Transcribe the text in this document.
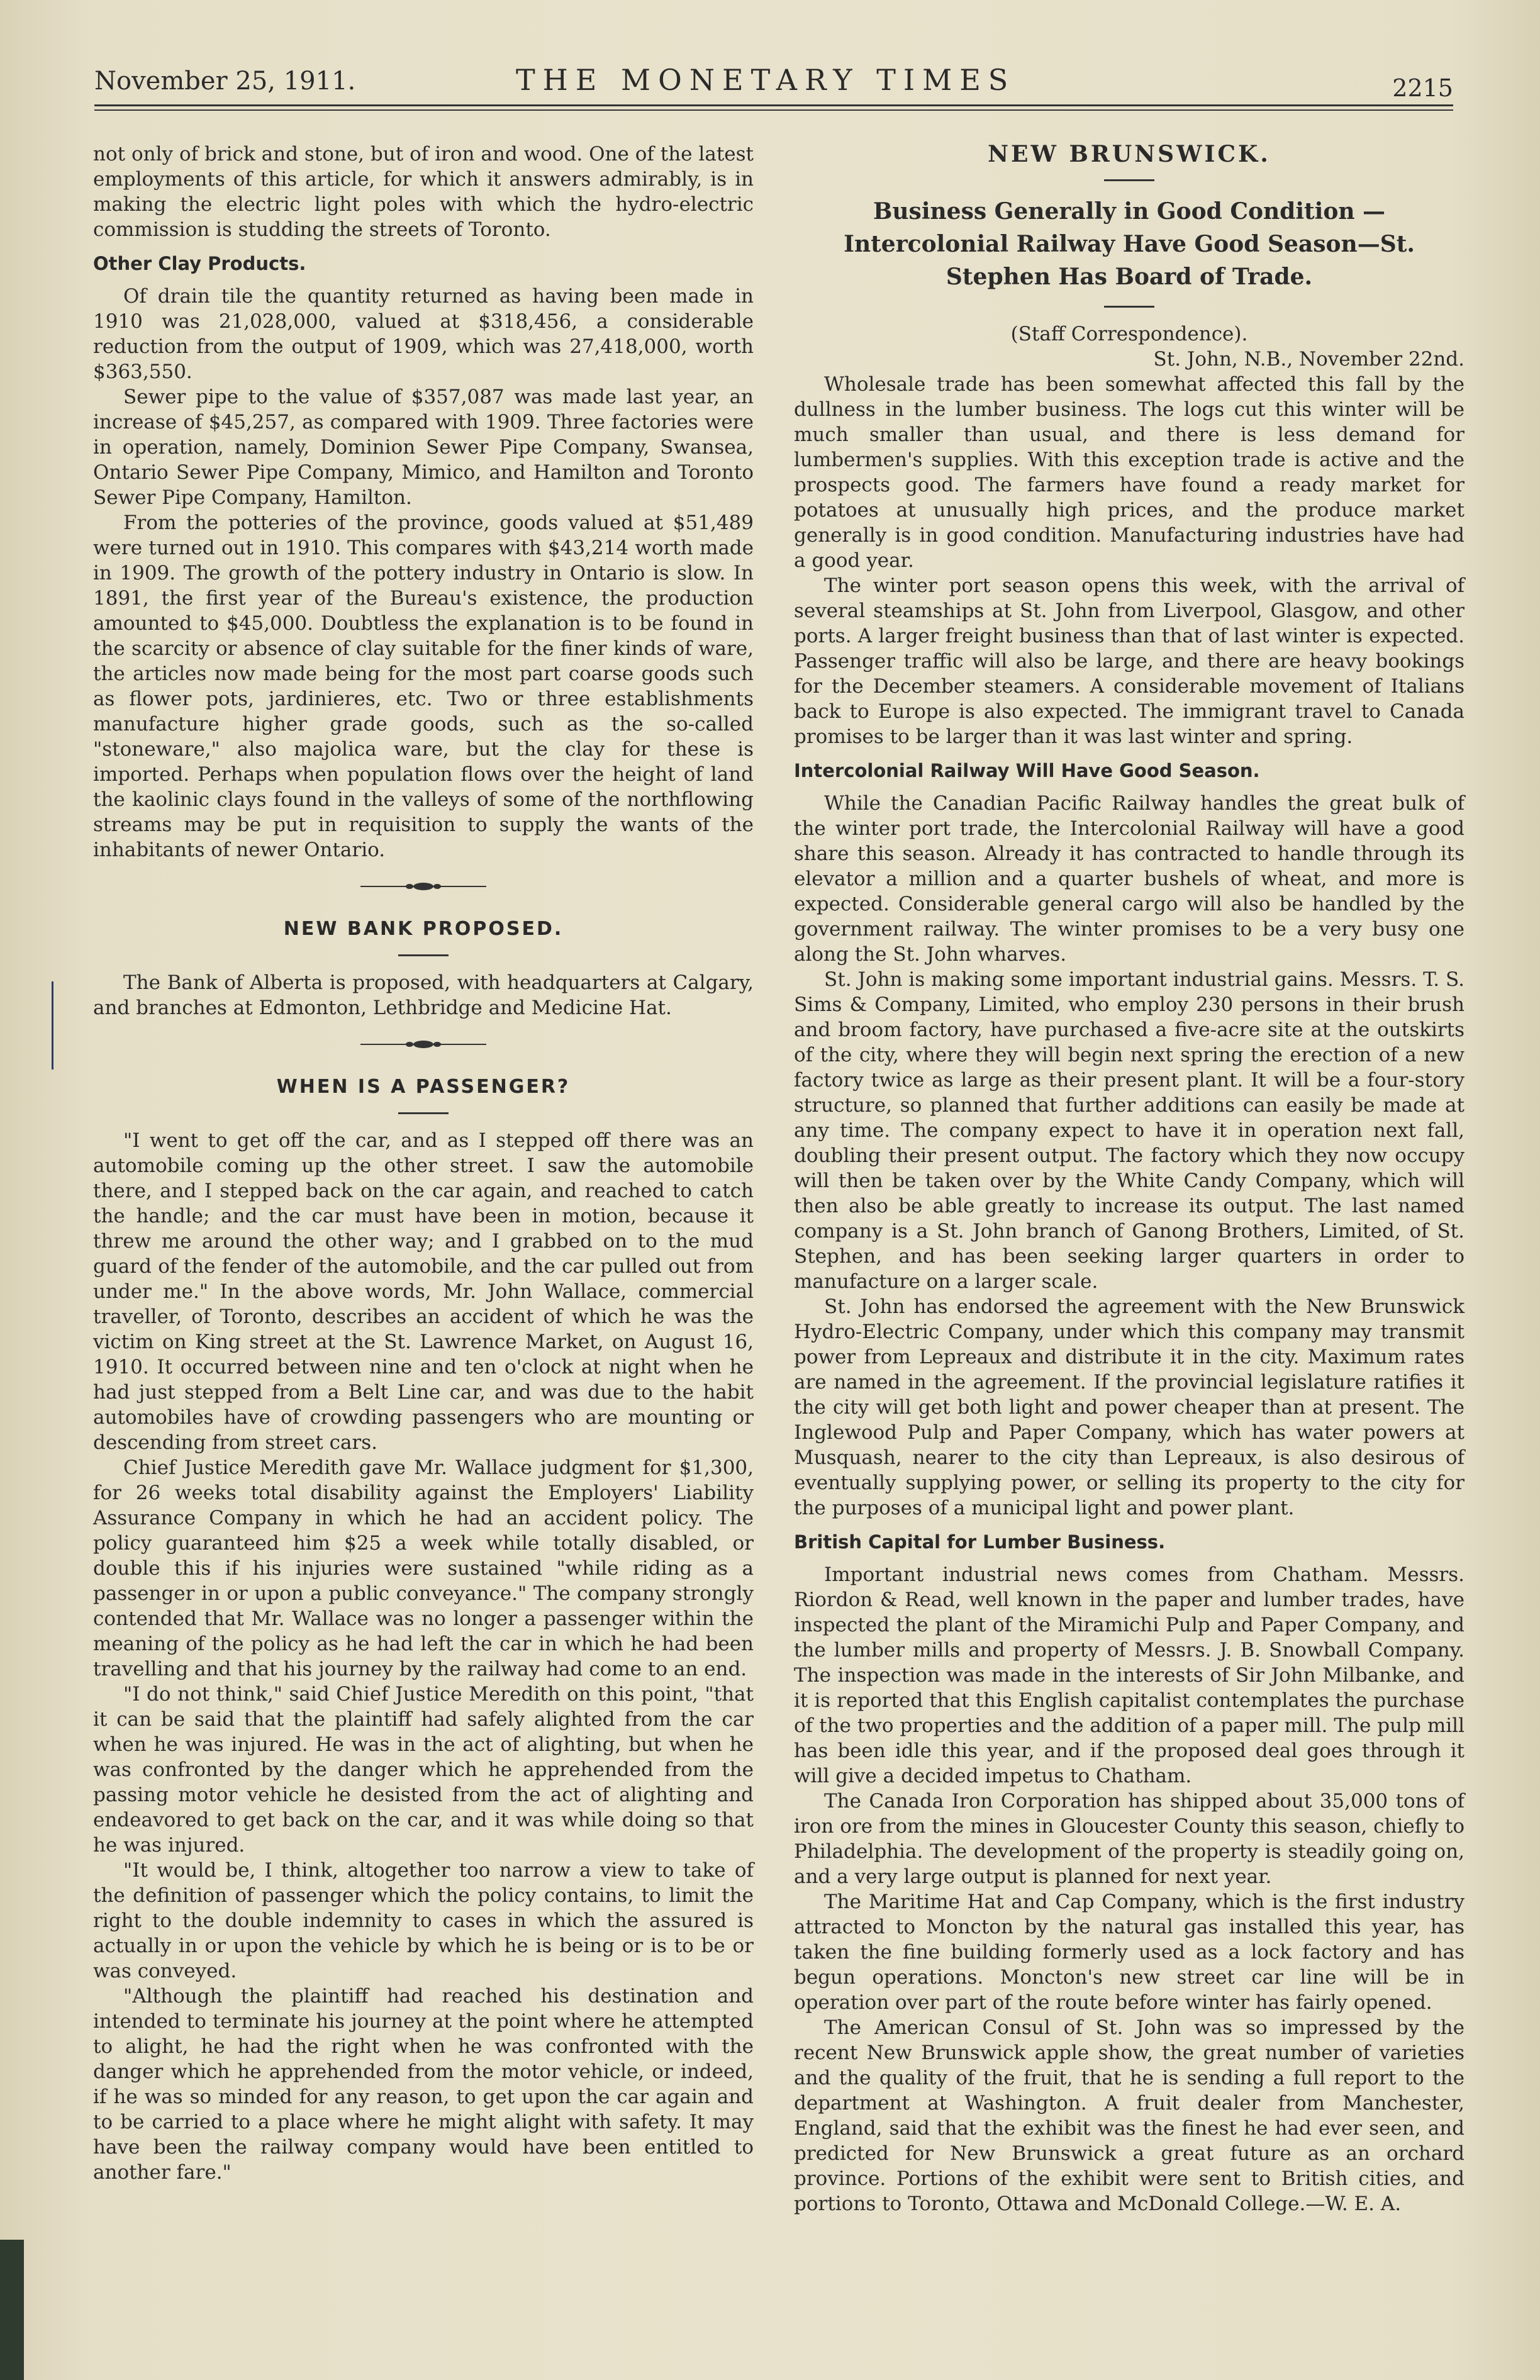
November 25, 1911.	THE MONETARY TIMES	2215

not only of brick and stone, but of iron and wood. One of the latest employments of this article, for which it answers admirably, is in making the electric light poles with which the hydro-electric commission is studding the streets of Toronto.

Other Clay Products.

Of drain tile the quantity returned as having been made in 1910 was 21,028,000, valued at $318,456, a considerable reduction from the output of 1909, which was 27,418,000, worth $363,550.

Sewer pipe to the value of $357,087 was made last year, an increase of $45,257, as compared with 1909. Three factories were in operation, namely, Dominion Sewer Pipe Company, Swansea, Ontario Sewer Pipe Company, Mimico, and Hamilton and Toronto Sewer Pipe Company, Hamilton.

From the potteries of the province, goods valued at $51,489 were turned out in 1910. This compares with $43,214 worth made in 1909. The growth of the pottery industry in Ontario is slow. In 1891, the first year of the Bureau's existence, the production amounted to $45,000. Doubtless the explanation is to be found in the scarcity or absence of clay suitable for the finer kinds of ware, the articles now made being for the most part coarse goods such as flower pots, jardinieres, etc. Two or three establishments manufacture higher grade goods, such as the so-called "stoneware," also majolica ware, but the clay for these is imported. Perhaps when population flows over the height of land the kaolinic clays found in the valleys of some of the northflowing streams may be put in requisition to supply the wants of the inhabitants of newer Ontario.

NEW BANK PROPOSED.

The Bank of Alberta is proposed, with headquarters at Calgary, and branches at Edmonton, Lethbridge and Medicine Hat.

WHEN IS A PASSENGER?

"I went to get off the car, and as I stepped off there was an automobile coming up the other street. I saw the automobile there, and I stepped back on the car again, and reached to catch the handle; and the car must have been in motion, because it threw me around the other way; and I grabbed on to the mud guard of the fender of the automobile, and the car pulled out from under me." In the above words, Mr. John Wallace, commercial traveller, of Toronto, describes an accident of which he was the victim on King street at the St. Lawrence Market, on August 16, 1910. It occurred between nine and ten o'clock at night when he had just stepped from a Belt Line car, and was due to the habit automobiles have of crowding passengers who are mounting or descending from street cars.

Chief Justice Meredith gave Mr. Wallace judgment for $1,300, for 26 weeks total disability against the Employers' Liability Assurance Company in which he had an accident policy. The policy guaranteed him $25 a week while totally disabled, or double this if his injuries were sustained "while riding as a passenger in or upon a public conveyance." The company strongly contended that Mr. Wallace was no longer a passenger within the meaning of the policy as he had left the car in which he had been travelling and that his journey by the railway had come to an end.

"I do not think," said Chief Justice Meredith on this point, "that it can be said that the plaintiff had safely alighted from the car when he was injured. He was in the act of alighting, but when he was confronted by the danger which he apprehended from the passing motor vehicle he desisted from the act of alighting and endeavored to get back on the car, and it was while doing so that he was injured.

"It would be, I think, altogether too narrow a view to take of the definition of passenger which the policy contains, to limit the right to the double indemnity to cases in which the assured is actually in or upon the vehicle by which he is being or is to be or was conveyed.

"Although the plaintiff had reached his destination and intended to terminate his journey at the point where he attempted to alight, he had the right when he was confronted with the danger which he apprehended from the motor vehicle, or indeed, if he was so minded for any reason, to get upon the car again and to be carried to a place where he might alight with safety. It may have been the railway company would have been entitled to another fare."

NEW BRUNSWICK.
Business Generally in Good Condition — Intercolonial Railway Have Good Season—St. Stephen Has Board of Trade.

(Staff Correspondence).

St. John, N.B., November 22nd.

Wholesale trade has been somewhat affected this fall by the dullness in the lumber business. The logs cut this winter will be much smaller than usual, and there is less demand for lumbermen's supplies. With this exception trade is active and the prospects good. The farmers have found a ready market for potatoes at unusually high prices, and the produce market generally is in good condition. Manufacturing industries have had a good year.

The winter port season opens this week, with the arrival of several steamships at St. John from Liverpool, Glasgow, and other ports. A larger freight business than that of last winter is expected. Passenger traffic will also be large, and there are heavy bookings for the December steamers. A considerable movement of Italians back to Europe is also expected. The immigrant travel to Canada promises to be larger than it was last winter and spring.

Intercolonial Railway Will Have Good Season.

While the Canadian Pacific Railway handles the great bulk of the winter port trade, the Intercolonial Railway will have a good share this season. Already it has contracted to handle through its elevator a million and a quarter bushels of wheat, and more is expected. Considerable general cargo will also be handled by the government railway. The winter promises to be a very busy one along the St. John wharves.

St. John is making some important industrial gains. Messrs. T. S. Sims & Company, Limited, who employ 230 persons in their brush and broom factory, have purchased a five-acre site at the outskirts of the city, where they will begin next spring the erection of a new factory twice as large as their present plant. It will be a four-story structure, so planned that further additions can easily be made at any time. The company expect to have it in operation next fall, doubling their present output. The factory which they now occupy will then be taken over by the White Candy Company, which will then also be able greatly to increase its output. The last named company is a St. John branch of Ganong Brothers, Limited, of St. Stephen, and has been seeking larger quarters in order to manufacture on a larger scale.

St. John has endorsed the agreement with the New Brunswick Hydro-Electric Company, under which this company may transmit power from Lepreaux and distribute it in the city. Maximum rates are named in the agreement. If the provincial legislature ratifies it the city will get both light and power cheaper than at present. The Inglewood Pulp and Paper Company, which has water powers at Musquash, nearer to the city than Lepreaux, is also desirous of eventually supplying power, or selling its property to the city for the purposes of a municipal light and power plant.

British Capital for Lumber Business.

Important industrial news comes from Chatham. Messrs. Riordon & Read, well known in the paper and lumber trades, have inspected the plant of the Miramichi Pulp and Paper Company, and the lumber mills and property of Messrs. J. B. Snowball Company. The inspection was made in the interests of Sir John Milbanke, and it is reported that this English capitalist contemplates the purchase of the two properties and the addition of a paper mill. The pulp mill has been idle this year, and if the proposed deal goes through it will give a decided impetus to Chatham.

The Canada Iron Corporation has shipped about 35,000 tons of iron ore from the mines in Gloucester County this season, chiefly to Philadelphia. The development of the property is steadily going on, and a very large output is planned for next year.

The Maritime Hat and Cap Company, which is the first industry attracted to Moncton by the natural gas installed this year, has taken the fine building formerly used as a lock factory and has begun operations. Moncton's new street car line will be in operation over part of the route before winter has fairly opened.

The American Consul of St. John was so impressed by the recent New Brunswick apple show, the great number of varieties and the quality of the fruit, that he is sending a full report to the department at Washington. A fruit dealer from Manchester, England, said that the exhibit was the finest he had ever seen, and predicted for New Brunswick a great future as an orchard province. Portions of the exhibit were sent to British cities, and portions to Toronto, Ottawa and McDonald College.—W. E. A.
